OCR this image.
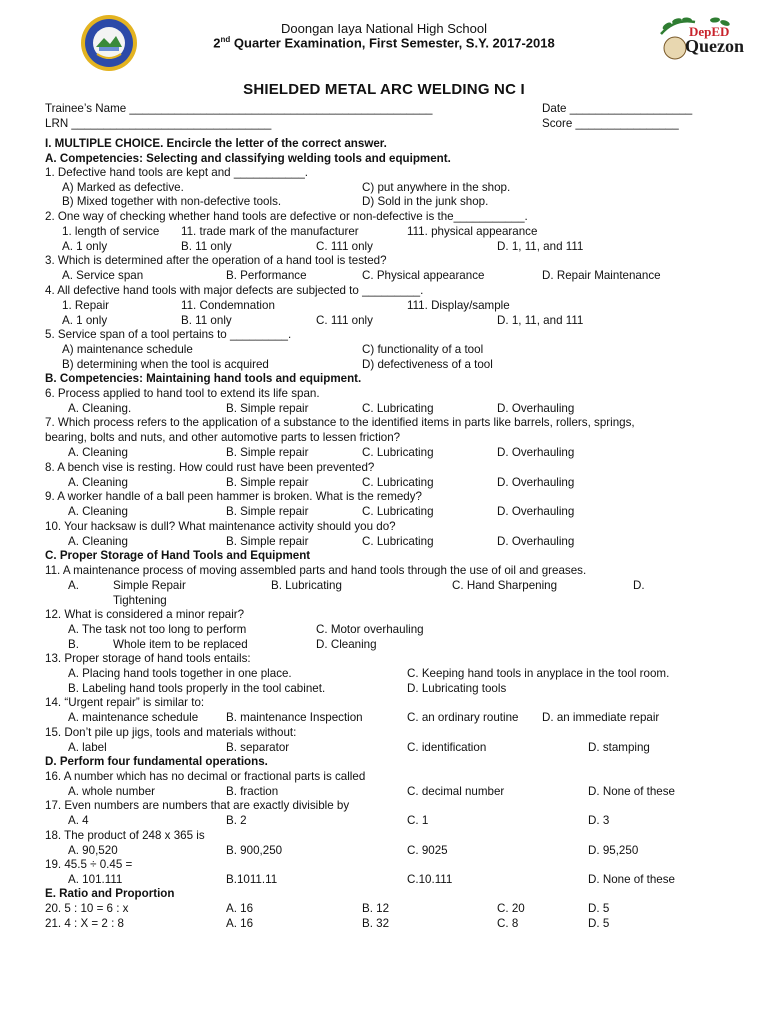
DepED
Quezon
Doongan Iaya National High School
2nd Quarter Examination, First Semester, S.Y. 2017-2018
SHIELDED METAL ARC WELDING NC I
Trainee’s Name _______________________________________________	Date ___________________
LRN _______________________________	Score ________________
I. MULTIPLE CHOICE. Encircle the letter of the correct answer.
A. Competencies: Selecting and classifying welding tools and equipment.
1. Defective hand tools are kept and ___________.
A) Marked as defective.	C) put anywhere in the shop.
B) Mixed together with non-defective tools.	D) Sold in the junk shop.
2. One way of checking whether hand tools are defective or non-defective is the___________.
1. length of service 11. trade mark of the manufacturer	111. physical appearance
A. 1 only	B. 11 only	C. 111 only	D. 1, 11, and 111
3. Which is determined after the operation of a hand tool is tested?
A. Service span	B. Performance	C. Physical appearance	D. Repair Maintenance
4. All defective hand tools with major defects are subjected to _________.
1. Repair	11. Condemnation	111. Display/sample
A. 1 only	B. 11 only	C. 111 only	D. 1, 11, and 111
5. Service span of a tool pertains to _________.
A) maintenance schedule	C) functionality of a tool
B) determining when the tool is acquired	D) defectiveness of a tool
B. Competencies: Maintaining hand tools and equipment.
6. Process applied to hand tool to extend its life span.
A. Cleaning.	B. Simple repair	C. Lubricating	D. Overhauling
7. Which process refers to the application of a substance to the identified items in parts like barrels, rollers, springs,
bearing, bolts and nuts, and other automotive parts to lessen friction?
A. Cleaning	B. Simple repair	C. Lubricating	D. Overhauling
8. A bench vise is resting. How could rust have been prevented?
A. Cleaning	B. Simple repair	C. Lubricating	D. Overhauling
9. A worker handle of a ball peen hammer is broken. What is the remedy?
A. Cleaning	B. Simple repair	C. Lubricating	D. Overhauling
10. Your hacksaw is dull? What maintenance activity should you do?
A. Cleaning	B. Simple repair	C. Lubricating	D. Overhauling
C. Proper Storage of Hand Tools and Equipment
11. A maintenance process of moving assembled parts and hand tools through the use of oil and greases.
A.	Simple Repair	B. Lubricating	C. Hand Sharpening	D.
Tightening
12. What is considered a minor repair?
A. The task not too long to perform	C. Motor overhauling
B.	Whole item to be replaced	D. Cleaning
13. Proper storage of hand tools entails:
A. Placing hand tools together in one place.	C. Keeping hand tools in anyplace in the tool room.
B. Labeling hand tools properly in the tool cabinet.	D. Lubricating tools
14. “Urgent repair” is similar to:
A. maintenance schedule B. maintenance Inspection	C. an ordinary routine D. an immediate repair
15. Don’t pile up jigs, tools and materials without:
A. label	B. separator	C. identification	D. stamping
D. Perform four fundamental operations.
16. A number which has no decimal or fractional parts is called
A. whole number	B. fraction	C. decimal number	D. None of these
17. Even numbers are numbers that are exactly divisible by
A. 4	B. 2	C. 1	D. 3
18. The product of 248 x 365 is
A. 90,520	B. 900,250	C. 9025	D. 95,250
19. 45.5 ÷ 0.45 =
A. 101.111	B.1011.11	C.10.111	D. None of these
E. Ratio and Proportion
20. 5 : 10 = 6 : x	A. 16	B. 12	C. 20	D. 5
21. 4 : X = 2 : 8	A. 16	B. 32	C. 8	D. 5
